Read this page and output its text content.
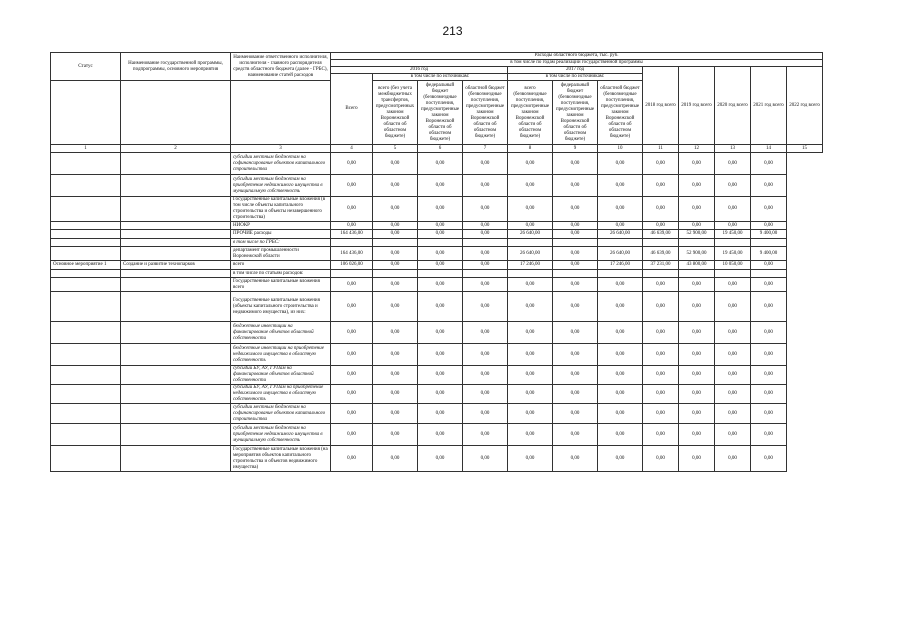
213
Статус	Наименование государственной программы, подпрограммы, основного мероприятия	Наименование ответственного исполнителя, исполнителя - главного распорядителя средств областного бюджета (далее - ГРБС), наименование статей расходов	Расходы областного бюджета, тыс. руб.											
			в том числе по годам реализации государственной программы											
			2016 год				2017 год			2018 год всего	2019 год всего	2020 год всего	2021 год всего	2022 год всего
			Всего	в том числе по источникам:			в том числе по источникам:							
				всего (без учета межбюджетных трансфертов, предусмотренных законом Воронежской области об областном бюджете)	федеральный бюджет (безвозмездные поступления, предусмотренные законом Воронежской области об областном бюджете)	областной бюджет (безвозмездные поступления, предусмотренные законом Воронежской области об областном бюджете)	всего (безвозмездные поступления, предусмотренные законом Воронежской области об областном бюджете)	федеральный бюджет (безвозмездные поступления, предусмотренные законом Воронежской области об областном бюджете)	областной бюджет (безвозмездные поступления, предусмотренные законом Воронежской области об областном бюджете)					
1	2	3	4	5	6	7	8	9	10	11	12	13	14	15
		субсидии местным бюджетам на софинансирование объектов капитального строительства	0,00	0,00	0,00	0,00	0,00	0,00	0,00	0,00	0,00	0,00	0,00	
		субсидии местным бюджетам на приобретение недвижимого имущества в муниципальную собственность	0,00	0,00	0,00	0,00	0,00	0,00	0,00	0,00	0,00	0,00	0,00	
		Государственные капитальные вложения (в том числе объекты капитального строительства и объекты незавершенного строительства)	0,00	0,00	0,00	0,00	0,00	0,00	0,00	0,00	0,00	0,00	0,00	
		НИОКР	0,00	0,00	0,00	0,00	0,00	0,00	0,00	0,00	0,00	0,00	0,00	
		ПРОЧИЕ расходы	164 436,00	0,00	0,00	0,00	26 640,00	0,00	26 640,00	46 639,00	52 900,00	19 450,00	9 400,00	
		в том числе по ГРБС:												
		департамент промышленности Воронежской области	164 436,00	0,00	0,00	0,00	26 640,00	0,00	26 640,00	46 639,00	52 900,00	19 450,00	9 400,00	
Основное мероприятие 1	Создание и развитие технопарков	всего	106 026,00	0,00	0,00	0,00	17 246,00	0,00	17 246,00	37 231,00	43 800,00	10 050,00	0,00	
		в том числе по статьям расходов:												
		Государственные капитальные вложения всего	0,00	0,00	0,00	0,00	0,00	0,00	0,00	0,00	0,00	0,00	0,00	
		Государственные капитальные вложения (объекты капитального строительства и недвижимого имущества), из них:	0,00	0,00	0,00	0,00	0,00	0,00	0,00	0,00	0,00	0,00	0,00	
		бюджетные инвестиции на финансирование объектов областной собственности	0,00	0,00	0,00	0,00	0,00	0,00	0,00	0,00	0,00	0,00	0,00	
		бюджетные инвестиции на приобретение недвижимого имущества в областную собственность	0,00	0,00	0,00	0,00	0,00	0,00	0,00	0,00	0,00	0,00	0,00	
		субсидии БУ, АУ, ГУПам на финансирование объектов областной собственности	0,00	0,00	0,00	0,00	0,00	0,00	0,00	0,00	0,00	0,00	0,00	
		субсидии БУ, АУ, ГУПам на приобретение недвижимого имущества в областную собственность	0,00	0,00	0,00	0,00	0,00	0,00	0,00	0,00	0,00	0,00	0,00	
		субсидии местным бюджетам на софинансирование объектов капитального строительства	0,00	0,00	0,00	0,00	0,00	0,00	0,00	0,00	0,00	0,00	0,00	
		субсидии местным бюджетам на приобретение недвижимого имущества в муниципальную собственность	0,00	0,00	0,00	0,00	0,00	0,00	0,00	0,00	0,00	0,00	0,00	
		Государственные капитальные вложения (на мероприятия объектов капитального строительства и объектов недвижимого имущества)	0,00	0,00	0,00	0,00	0,00	0,00	0,00	0,00	0,00	0,00	0,00	
